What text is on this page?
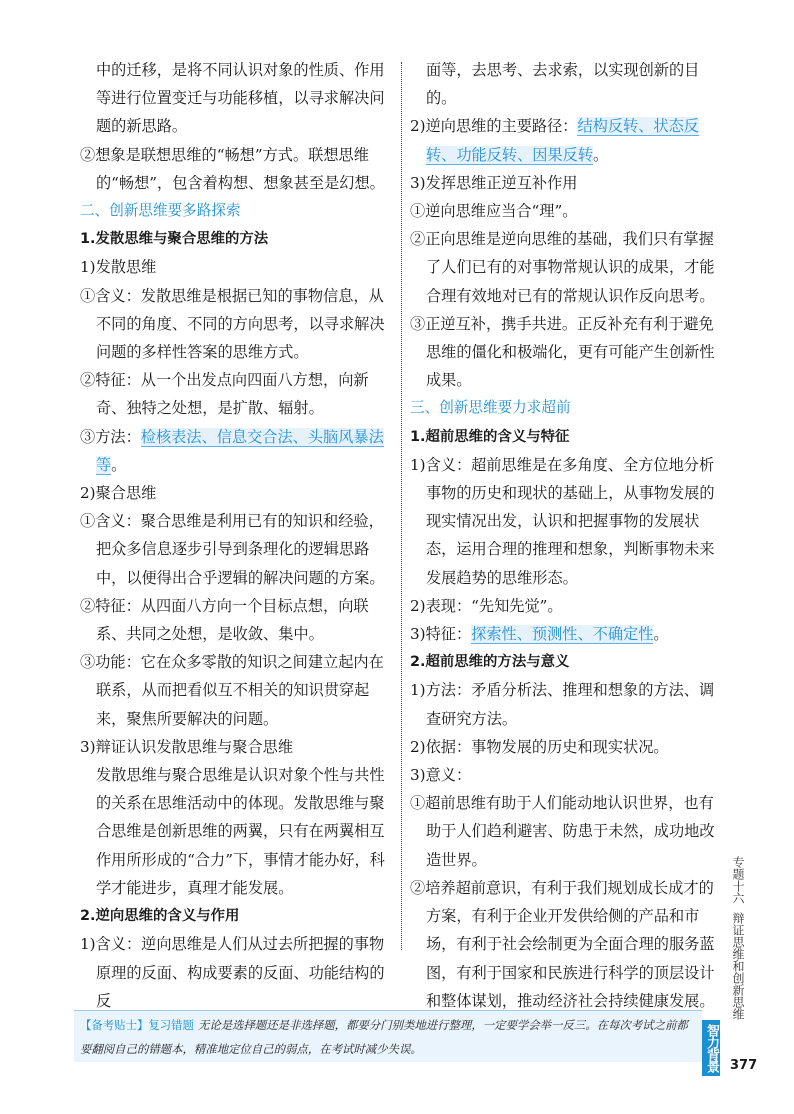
中的迁移，是将不同认识对象的性质、作用等进行位置变迁与功能移植，以寻求解决问题的新思路。

②想象是联想思维的“畅想”方式。联想思维的“畅想”，包含着构想、想象甚至是幻想。

二、创新思维要多路探索

1.发散思维与聚合思维的方法

1)发散思维

①含义：发散思维是根据已知的事物信息，从不同的角度、不同的方向思考，以寻求解决问题的多样性答案的思维方式。

②特征：从一个出发点向四面八方想，向新奇、独特之处想，是扩散、辐射。

③方法：检核表法、信息交合法、头脑风暴法等。

2)聚合思维

①含义：聚合思维是利用已有的知识和经验，把众多信息逐步引导到条理化的逻辑思路中，以便得出合乎逻辑的解决问题的方案。

②特征：从四面八方向一个目标点想，向联系、共同之处想，是收敛、集中。

③功能：它在众多零散的知识之间建立起内在联系，从而把看似互不相关的知识贯穿起来，聚焦所要解决的问题。

3)辩证认识发散思维与聚合思维

发散思维与聚合思维是认识对象个性与共性的关系在思维活动中的体现。发散思维与聚合思维是创新思维的两翼，只有在两翼相互作用所形成的“合力”下，事情才能办好，科学才能进步，真理才能发展。

2.逆向思维的含义与作用

1)含义：逆向思维是人们从过去所把握的事物原理的反面、构成要素的反面、功能结构的反

面等，去思考、去求索，以实现创新的目的。

2)逆向思维的主要路径：结构反转、状态反转、功能反转、因果反转。

3)发挥思维正逆互补作用

①逆向思维应当合“理”。

②正向思维是逆向思维的基础，我们只有掌握了人们已有的对事物常规认识的成果，才能合理有效地对已有的常规认识作反向思考。

③正逆互补，携手共进。正反补充有利于避免思维的僵化和极端化，更有可能产生创新性成果。

三、创新思维要力求超前

1.超前思维的含义与特征

1)含义：超前思维是在多角度、全方位地分析事物的历史和现状的基础上，从事物发展的现实情况出发，认识和把握事物的发展状态，运用合理的推理和想象，判断事物未来发展趋势的思维形态。

2)表现：“先知先觉”。

3)特征：探索性、预测性、不确定性。

2.超前思维的方法与意义

1)方法：矛盾分析法、推理和想象的方法、调查研究方法。

2)依据：事物发展的历史和现实状况。

3)意义：

①超前思维有助于人们能动地认识世界，也有助于人们趋利避害、防患于未然，成功地改造世界。

②培养超前意识，有利于我们规划成长成才的方案，有利于企业开发供给侧的产品和市场，有利于社会绘制更为全面合理的服务蓝图，有利于国家和民族进行科学的顶层设计和整体谋划，推动经济社会持续健康发展。

【备考贴士】复习错题 无论是选择题还是非选择题，都要分门别类地进行整理，一定要学会举一反三。在每次考试之前都要翻阅自己的错题本，精准地定位自己的弱点，在考试时减少失误。
专题十六
辩证思维和创新思维
智力背景 377
